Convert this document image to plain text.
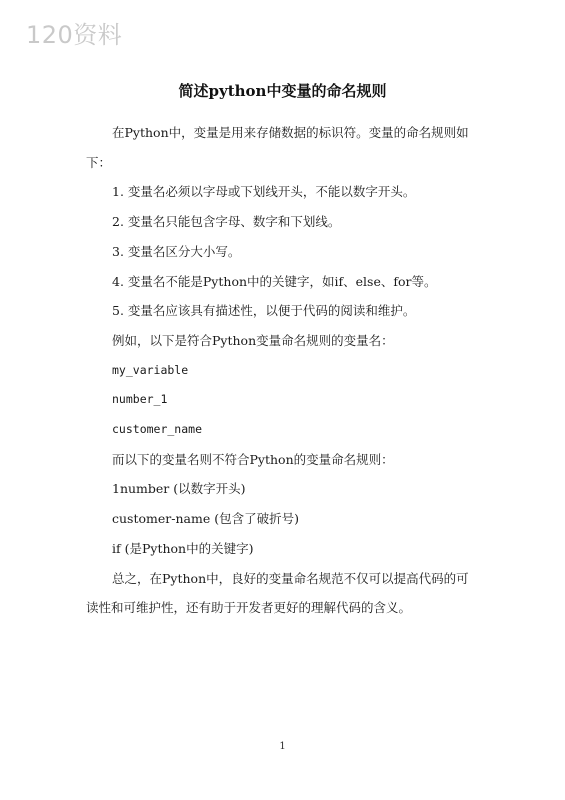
120资料
简述python中变量的命名规则

在Python中，变量是用来存储数据的标识符。变量的命名规则如下：

1. 变量名必须以字母或下划线开头，不能以数字开头。

2. 变量名只能包含字母、数字和下划线。

3. 变量名区分大小写。

4. 变量名不能是Python中的关键字，如if、else、for等。

5. 变量名应该具有描述性，以便于代码的阅读和维护。

例如，以下是符合Python变量命名规则的变量名：

my_variable

number_1

customer_name

而以下的变量名则不符合Python的变量命名规则：

1number (以数字开头)

customer-name (包含了破折号)

if (是Python中的关键字)

总之，在Python中，良好的变量命名规范不仅可以提高代码的可读性和可维护性，还有助于开发者更好的理解代码的含义。

1
